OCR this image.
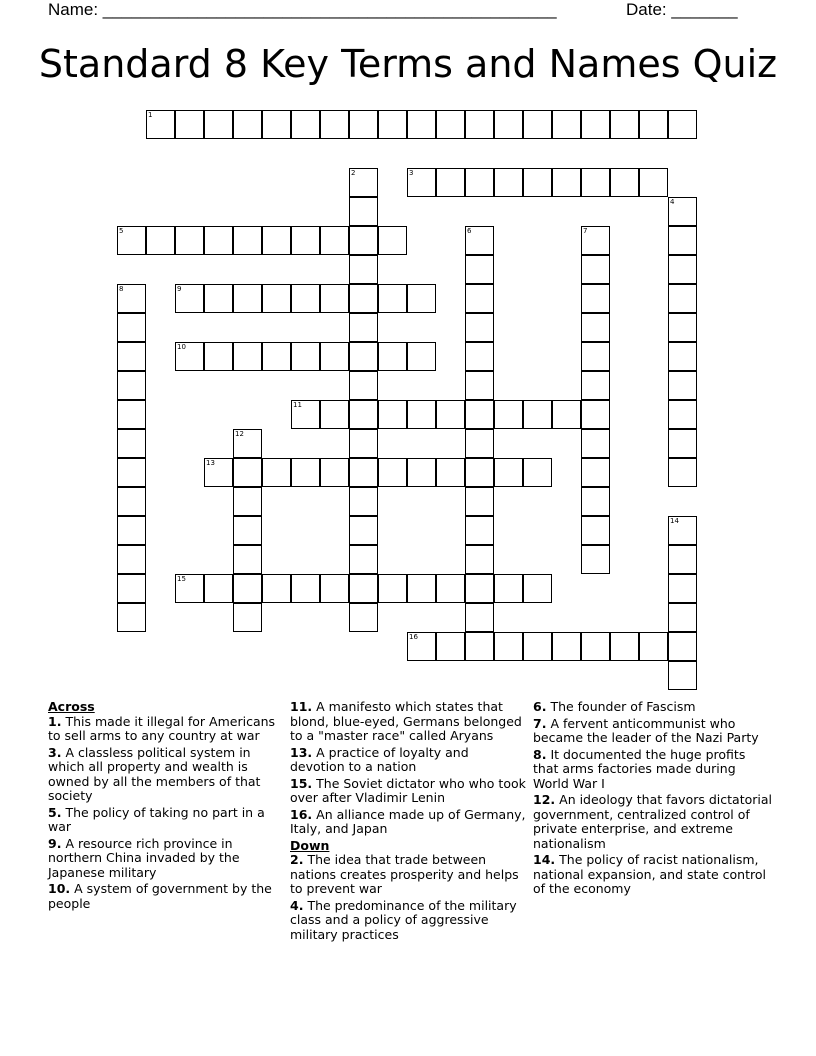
Name: ________________________________________________	Date: _______
Standard 8 Key Terms and Names Quiz
1
2	3
4
5	6	7
8	9
10
11
12
13
14
15
16
Across
1. This made it illegal for Americans to sell arms to any country at war
3. A classless political system in which all property and wealth is owned by all the members of that society
5. The policy of taking no part in a war
9. A resource rich province in northern China invaded by the Japanese military
10. A system of government by the people
11. A manifesto which states that blond, blue-eyed, Germans belonged to a "master race" called Aryans
13. A practice of loyalty and devotion to a nation
15. The Soviet dictator who who took over after Vladimir Lenin
16. An alliance made up of Germany, Italy, and Japan
Down
2. The idea that trade between nations creates prosperity and helps to prevent war
4. The predominance of the military class and a policy of aggressive military practices
6. The founder of Fascism
7. A fervent anticommunist who became the leader of the Nazi Party
8. It documented the huge profits that arms factories made during World War I
12. An ideology that favors dictatorial government, centralized control of private enterprise, and extreme nationalism
14. The policy of racist nationalism, national expansion, and state control of the economy
